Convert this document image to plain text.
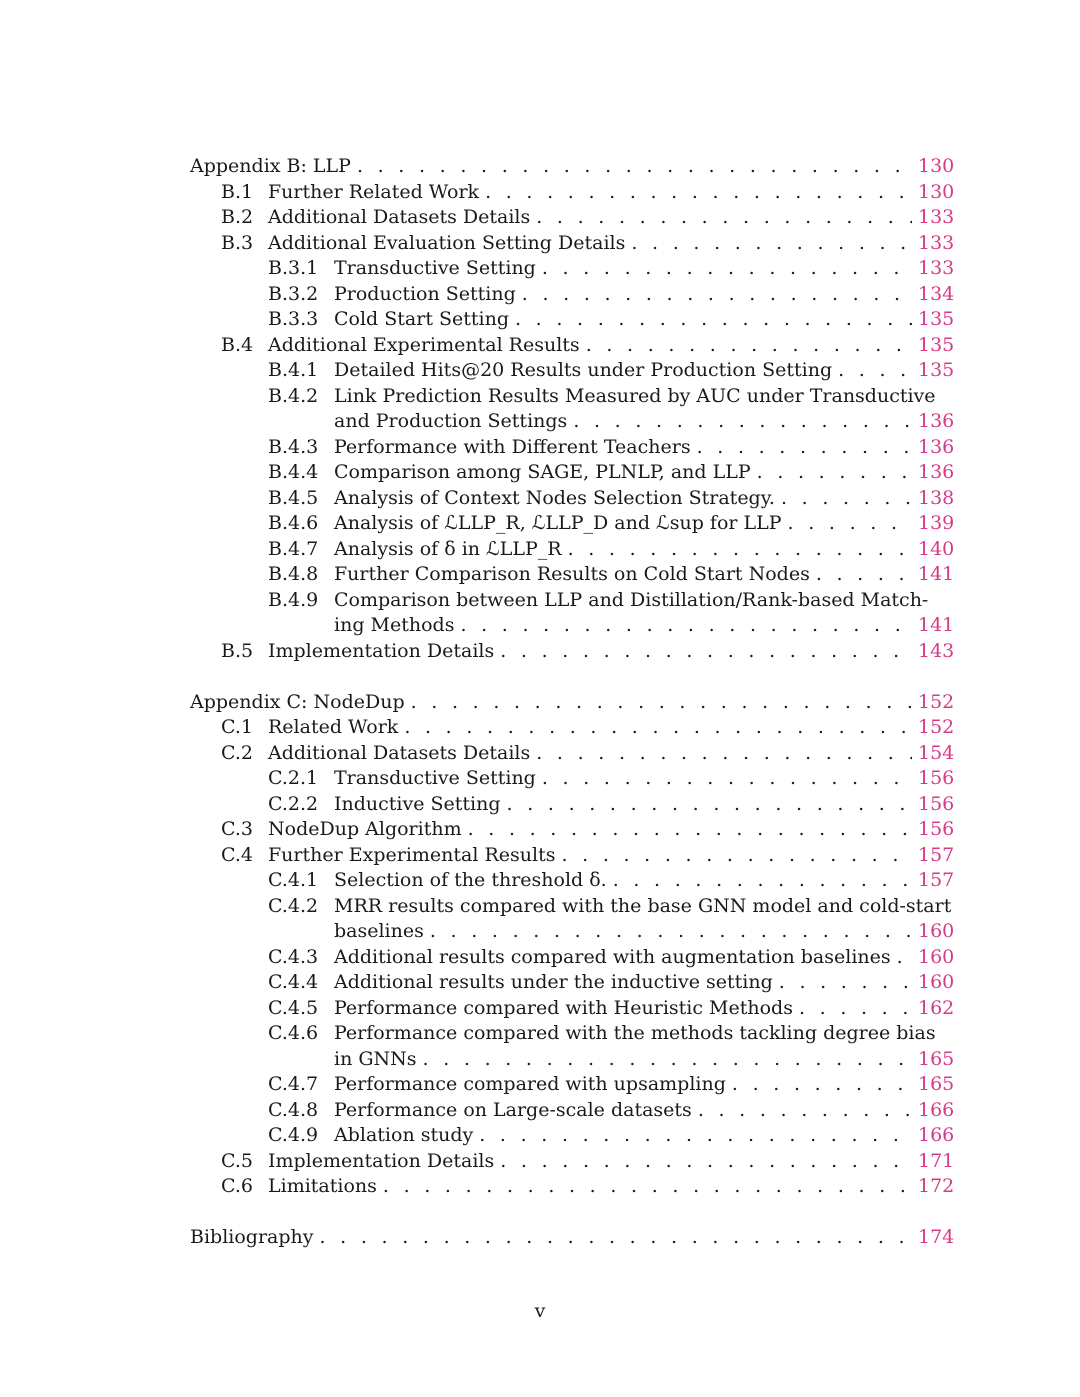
Appendix B: LLP . . .	130
B.1 Further Related Work . . .	130
B.2 Additional Datasets Details . . .	133
B.3 Additional Evaluation Setting Details . . .	133
B.3.1 Transductive Setting . . .	133
B.3.2 Production Setting . . .	134
B.3.3 Cold Start Setting . . .	135
B.4 Additional Experimental Results . . .	135
B.4.1 Detailed Hits@20 Results under Production Setting . . .	135
B.4.2 Link Prediction Results Measured by AUC under Transductive
and Production Settings . . .	136
B.4.3 Performance with Different Teachers . . .	136
B.4.4 Comparison among SAGE, PLNLP, and LLP . . .	136
B.4.5 Analysis of Context Nodes Selection Strategy. . . .	138
B.4.6 Analysis of ℒLLP_R, ℒLLP_D and ℒsup for LLP . . .	139
B.4.7 Analysis of δ in ℒLLP_R . . .	140
B.4.8 Further Comparison Results on Cold Start Nodes . . .	141
B.4.9 Comparison between LLP and Distillation/Rank-based Match-
ing Methods . . .	141
B.5 Implementation Details . . .	143
Appendix C: NodeDup . . .	152
C.1 Related Work . . .	152
C.2 Additional Datasets Details . . .	154
C.2.1 Transductive Setting . . .	156
C.2.2 Inductive Setting . . .	156
C.3 NodeDup Algorithm . . .	156
C.4 Further Experimental Results . . .	157
C.4.1 Selection of the threshold δ. . . .	157
C.4.2 MRR results compared with the base GNN model and cold-start
baselines . . .	160
C.4.3 Additional results compared with augmentation baselines . . . 160
C.4.4 Additional results under the inductive setting . . .	160
C.4.5 Performance compared with Heuristic Methods . . .	162
C.4.6 Performance compared with the methods tackling degree bias
in GNNs . . .	165
C.4.7 Performance compared with upsampling . . .	165
C.4.8 Performance on Large-scale datasets . . .	166
C.4.9 Ablation study . . .	166
C.5 Implementation Details . . .	171
C.6 Limitations . . .	172
Bibliography . . .	174
v
